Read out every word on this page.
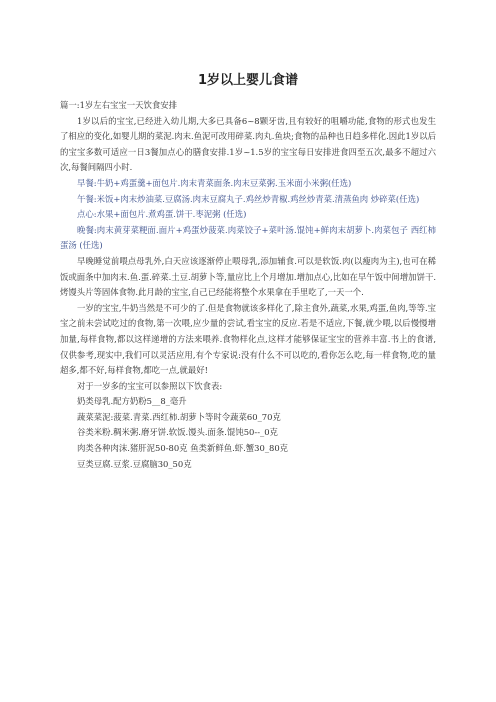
1岁以上婴儿食谱

篇一:1岁左右宝宝一天饮食安排

1岁以后的宝宝,已经进入幼儿期,大多已具备6~8颗牙齿,且有较好的咀嚼功能,食物的形式也发生了相应的变化,如婴儿期的菜泥.肉末.鱼泥可改用碎菜.肉丸.鱼块;食物的品种也日趋多样化.因此1岁以后的宝宝多数可适应一日3餐加点心的膳食安排.1岁~1.5岁的宝宝每日安排进食四至五次,最多不超过六次,每餐间隔四小时.

早餐:牛奶+鸡蛋羹+面包片.肉末青菜面条.肉末豆菜粥.玉米面小米粥(任选)

午餐:米饭+肉末炒油菜.豆腐汤.肉末豆腐丸子.鸡丝炒青椒.鸡丝炒青菜.清蒸鱼肉 炒碎菜(任选)

点心:水果+面包片.煮鸡蛋.饼干.枣泥粥 (任选)

晚餐:肉末黄芽菜粳面.面片+鸡蛋炒菠菜.肉菜饺子+菜叶汤.馄饨+鲜肉末胡萝卜.肉菜包子 西红柿蛋汤 (任选)

早晚睡觉前喂点母乳外,白天应该逐渐停止喂母乳,添加辅食.可以是软饭.肉(以瘦肉为主),也可在稀饭或面条中加肉末.鱼.蛋.碎菜.土豆.胡萝卜等,量应比上个月增加.增加点心,比如在早午饭中间增加饼干.烤馒头片等固体食物.此月龄的宝宝,自己已经能将整个水果拿在手里吃了,一天一个.

一岁的宝宝,牛奶当然是不可少的了.但是食物就该多样化了,除主食外,蔬菜,水果,鸡蛋,鱼肉,等等.宝宝之前未尝试吃过的食物,第一次喂,应少量的尝试,看宝宝的反应.若是不适应,下餐,就少喂,以后慢慢增加量,每样食物,都以这样递增的方法来喂养.食物样化点,这样才能够保证宝宝的营养丰富.书上的食谱,仅供参考,现实中,我们可以灵活应用,有个专家说:没有什么不可以吃的,看你怎么吃,每一样食物,吃的量超多,都不好,每样食物,都吃一点,就最好!

对于一岁多的宝宝可以参照以下饮食表:

奶类母乳.配方奶粉5__8_毫升

蔬菜菜泥:菠菜.青菜.西红柿.胡萝卜等时令蔬菜60_70克

谷类米粉.稠米粥.磨牙饼.软饭.馒头.面条.馄饨50--_0克

肉类各种肉沫.猪肝泥50-80克 鱼类新鲜鱼.虾.蟹30_80克

豆类豆腐.豆浆.豆腐脑30_50克
